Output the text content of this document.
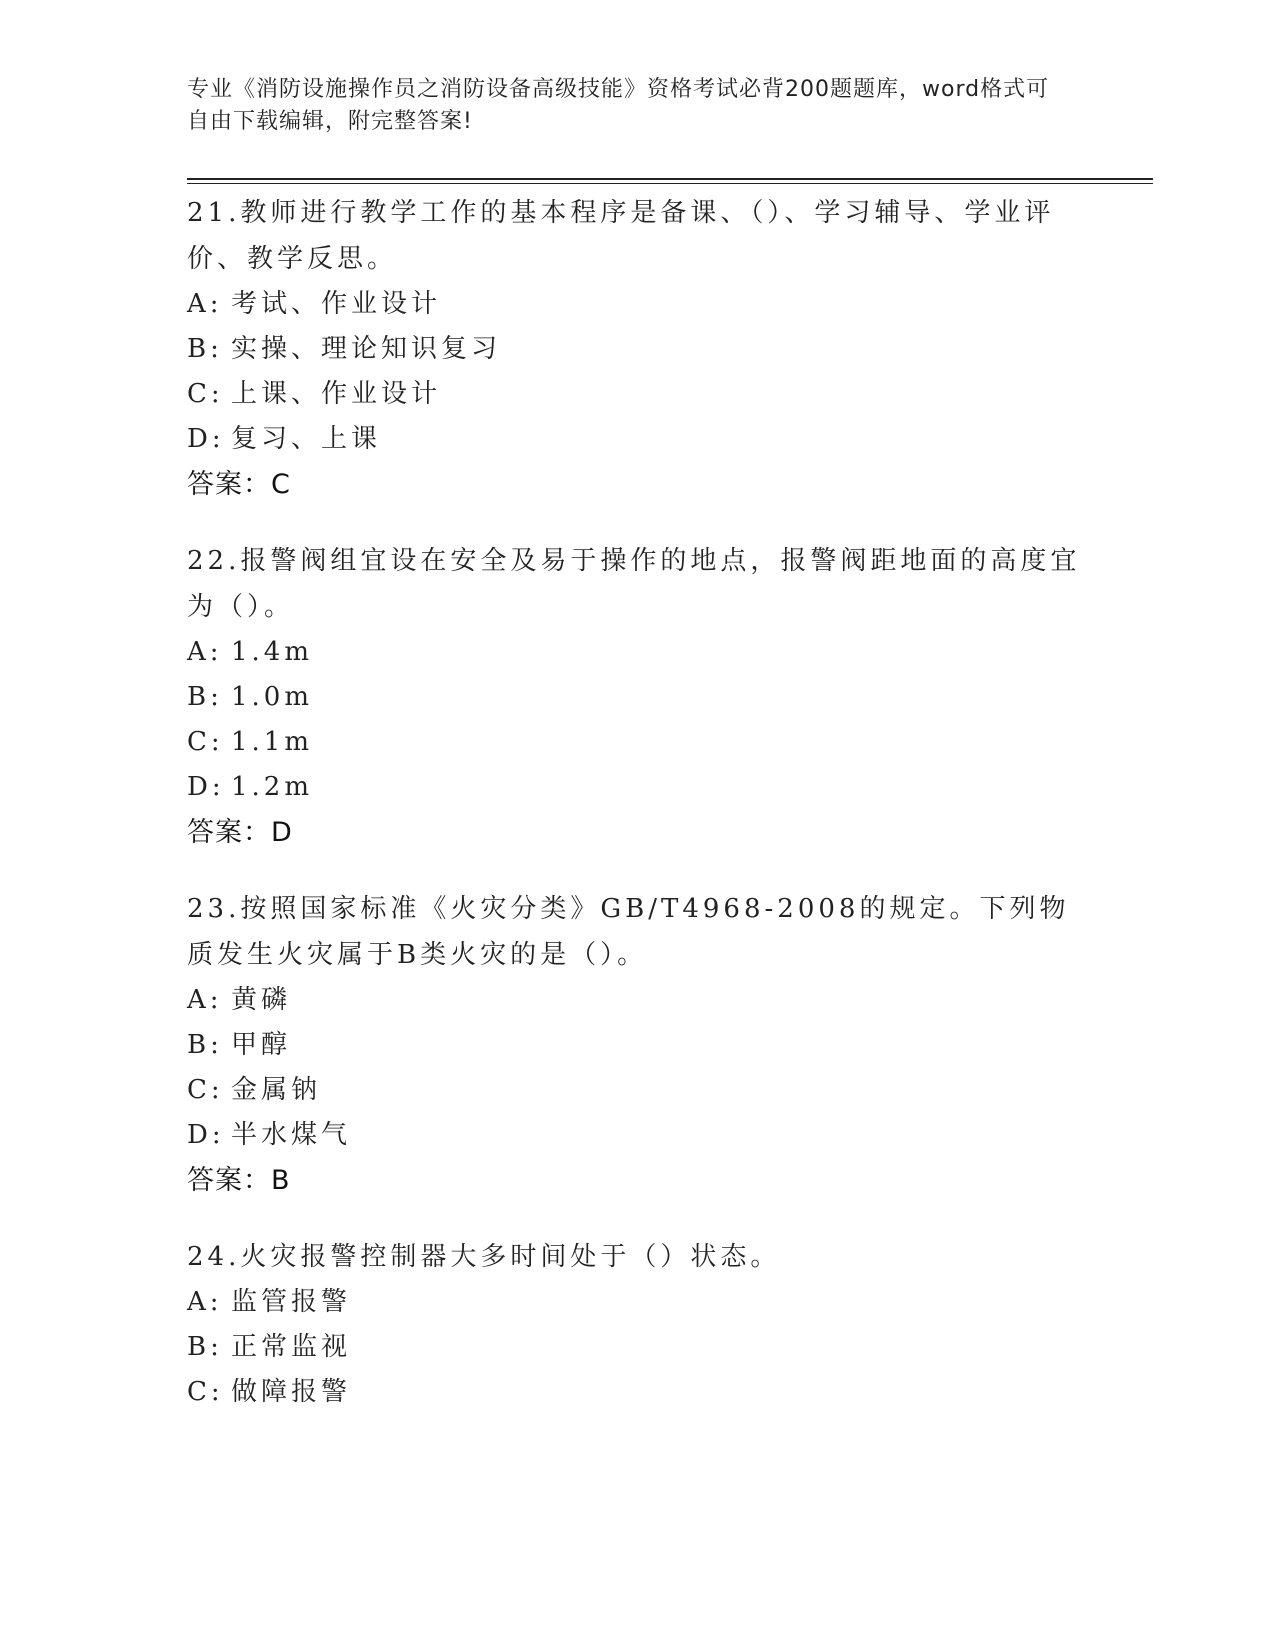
专业《消防设施操作员之消防设备高级技能》资格考试必背200题题库，word格式可自由下载编辑，附完整答案!

21.教师进行教学工作的基本程序是备课、（）、学习辅导、学业评价、教学反思。

A: 考试、作业设计
B: 实操、理论知识复习
C: 上课、作业设计
D: 复习、上课
答案：C

22.报警阀组宜设在安全及易于操作的地点，报警阀距地面的高度宜为（）。

A: 1.4m
B: 1.0m
C: 1.1m
D: 1.2m
答案：D

23.按照国家标准《火灾分类》GB/T4968-2008的规定。下列物质发生火灾属于B类火灾的是（）。

A: 黄磷
B: 甲醇
C: 金属钠
D: 半水煤气
答案：B

24.火灾报警控制器大多时间处于（）状态。

A: 监管报警
B: 正常监视
C: 做障报警
